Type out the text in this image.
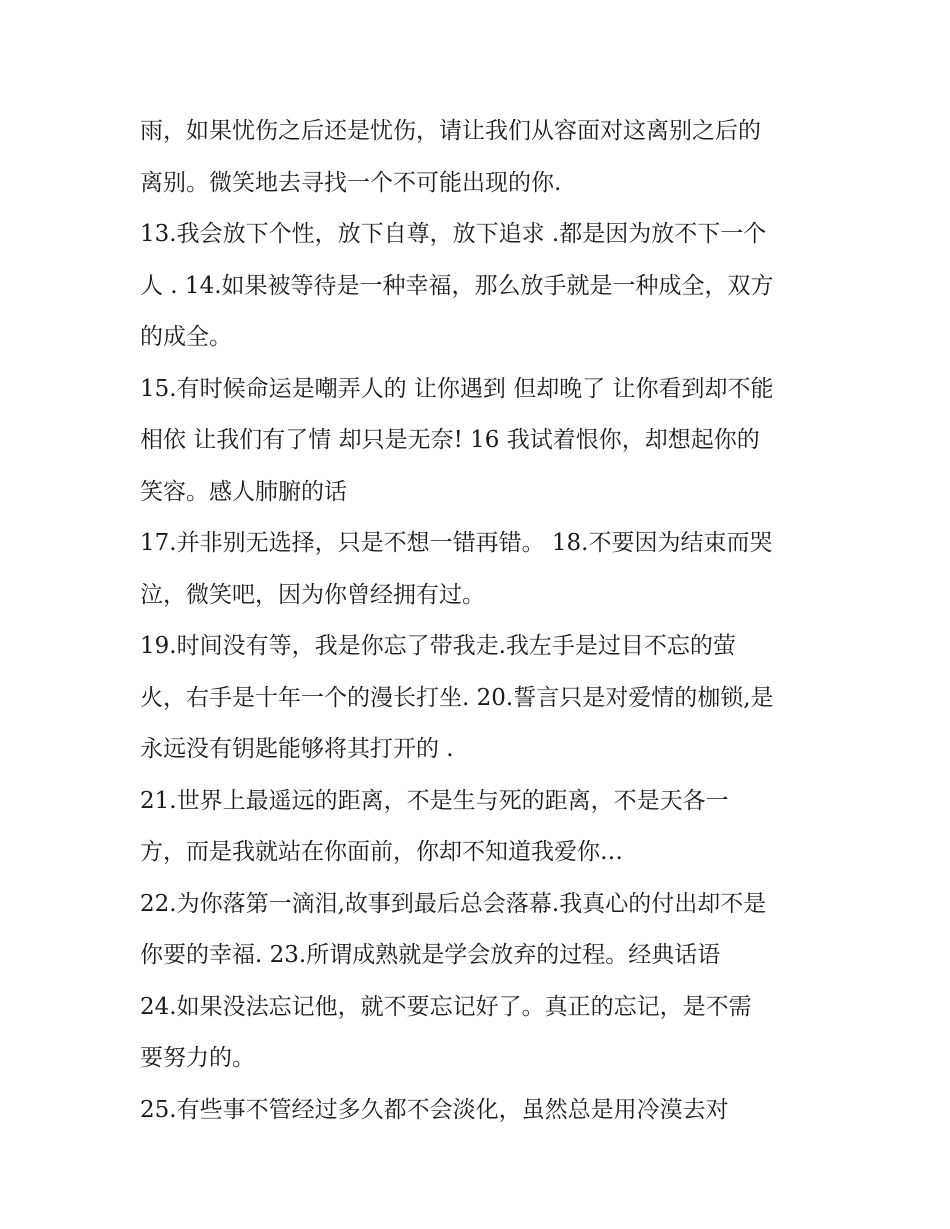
雨，如果忧伤之后还是忧伤，请让我们从容面对这离别之后的
离别。微笑地去寻找一个不可能出现的你.
13.我会放下个性，放下自尊，放下追求 .都是因为放不下一个
人 . 14.如果被等待是一种幸福，那么放手就是一种成全，双方
的成全。
15.有时候命运是嘲弄人的 让你遇到 但却晚了 让你看到却不能
相依 让我们有了情 却只是无奈! 16 我试着恨你，却想起你的
笑容。感人肺腑的话
17.并非别无选择，只是不想一错再错。 18.不要因为结束而哭
泣，微笑吧，因为你曾经拥有过。
19.时间没有等，我是你忘了带我走.我左手是过目不忘的萤
火，右手是十年一个的漫长打坐. 20.誓言只是对爱情的枷锁,是
永远没有钥匙能够将其打开的 .
21.世界上最遥远的距离，不是生与死的距离，不是天各一
方，而是我就站在你面前，你却不知道我爱你…
22.为你落第一滴泪,故事到最后总会落幕.我真心的付出却不是
你要的幸福. 23.所谓成熟就是学会放弃的过程。经典话语
24.如果没法忘记他，就不要忘记好了。真正的忘记，是不需
要努力的。
25.有些事不管经过多久都不会淡化，虽然总是用冷漠去对
